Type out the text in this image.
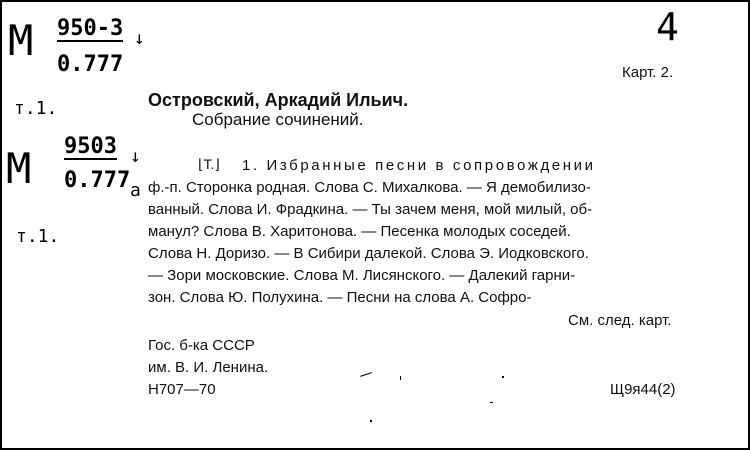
М 950-3
0.777
↓
т.1.
М 9503
0.777 а
↓
т.1.
4
Карт. 2.
Островский, Аркадий Ильич.
Собрание сочинений.
⌊Т.⌋ 1. Избранные песни в сопровождении
ф.-п. Сторонка родная. Слова С. Михалкова. — Я демобилизо-
ванный. Слова И. Фрадкина. — Ты зачем меня, мой милый, об-
манул? Слова В. Харитонова. — Песенка молодых соседей.
Слова Н. Доризо. — В Сибири далекой. Слова Э. Иодковского.
— Зори московские. Слова М. Лисянского. — Далекий гарни-
зон. Слова Ю. Полухина. — Песни на слова А. Софро-
См. след. карт.
Гос. б-ка СССР
им. В. И. Ленина.
Н707—70	Щ9я44(2)
